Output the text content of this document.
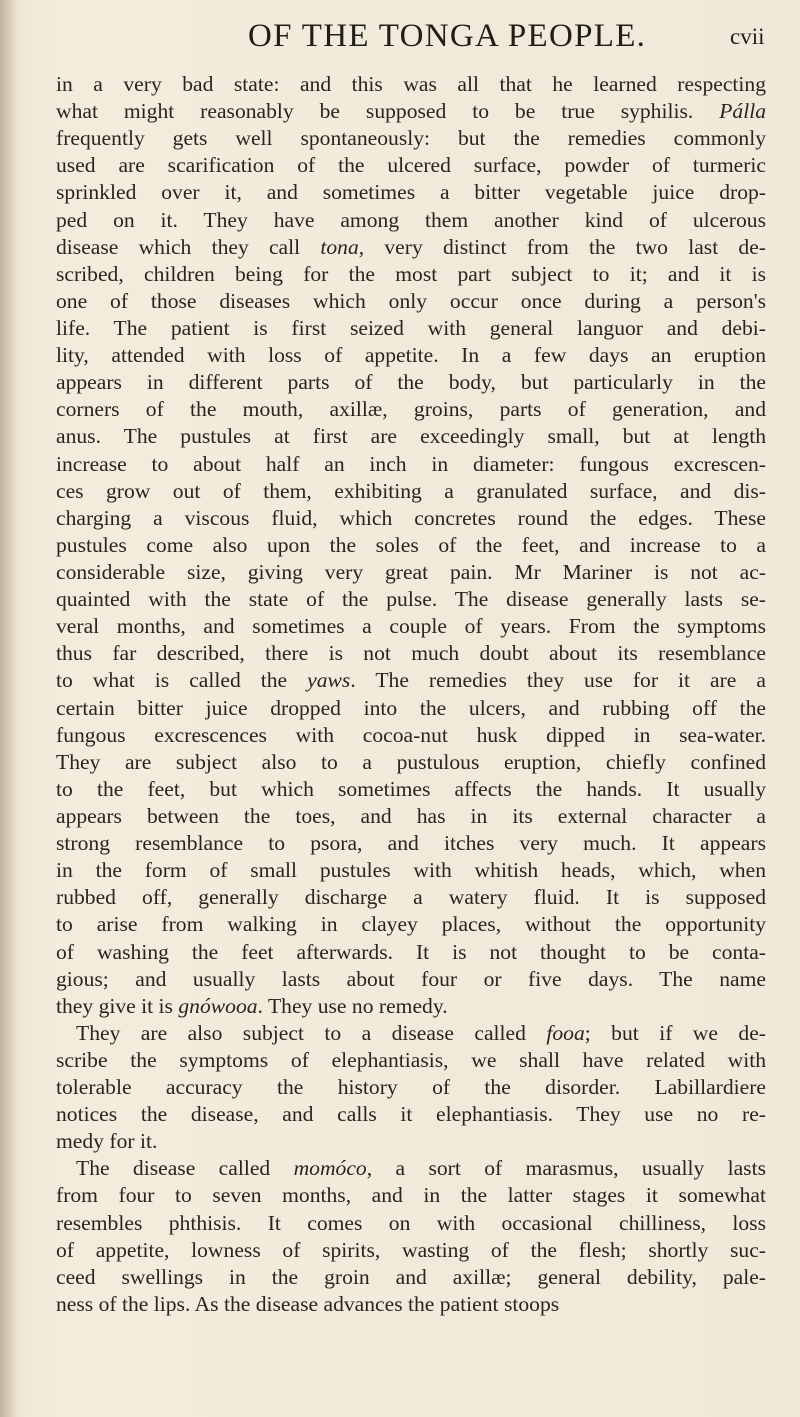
OF THE TONGA PEOPLE.	cvii
in a very bad state: and this was all that he learned respecting
what might reasonably be supposed to be true syphilis. Pálla
frequently gets well spontaneously: but the remedies commonly
used are scarification of the ulcered surface, powder of turmeric
sprinkled over it, and sometimes a bitter vegetable juice drop-
ped on it. They have among them another kind of ulcerous
disease which they call tona, very distinct from the two last de-
scribed, children being for the most part subject to it; and it is
one of those diseases which only occur once during a person's
life. The patient is first seized with general languor and debi-
lity, attended with loss of appetite. In a few days an eruption
appears in different parts of the body, but particularly in the
corners of the mouth, axillæ, groins, parts of generation, and
anus. The pustules at first are exceedingly small, but at length
increase to about half an inch in diameter: fungous excrescen-
ces grow out of them, exhibiting a granulated surface, and dis-
charging a viscous fluid, which concretes round the edges. These
pustules come also upon the soles of the feet, and increase to a
considerable size, giving very great pain. Mr Mariner is not ac-
quainted with the state of the pulse. The disease generally lasts se-
veral months, and sometimes a couple of years. From the symptoms
thus far described, there is not much doubt about its resemblance
to what is called the yaws. The remedies they use for it are a
certain bitter juice dropped into the ulcers, and rubbing off the
fungous excrescences with cocoa-nut husk dipped in sea-water.
They are subject also to a pustulous eruption, chiefly confined
to the feet, but which sometimes affects the hands. It usually
appears between the toes, and has in its external character a
strong resemblance to psora, and itches very much. It appears
in the form of small pustules with whitish heads, which, when
rubbed off, generally discharge a watery fluid. It is supposed
to arise from walking in clayey places, without the opportunity
of washing the feet afterwards. It is not thought to be conta-
gious; and usually lasts about four or five days. The name
they give it is gnówooa. They use no remedy.
They are also subject to a disease called fooa; but if we de-
scribe the symptoms of elephantiasis, we shall have related with
tolerable accuracy the history of the disorder. Labillardiere
notices the disease, and calls it elephantiasis. They use no re-
medy for it.
The disease called momóco, a sort of marasmus, usually lasts
from four to seven months, and in the latter stages it somewhat
resembles phthisis. It comes on with occasional chilliness, loss
of appetite, lowness of spirits, wasting of the flesh; shortly suc-
ceed swellings in the groin and axillæ; general debility, pale-
ness of the lips. As the disease advances the patient stoops
